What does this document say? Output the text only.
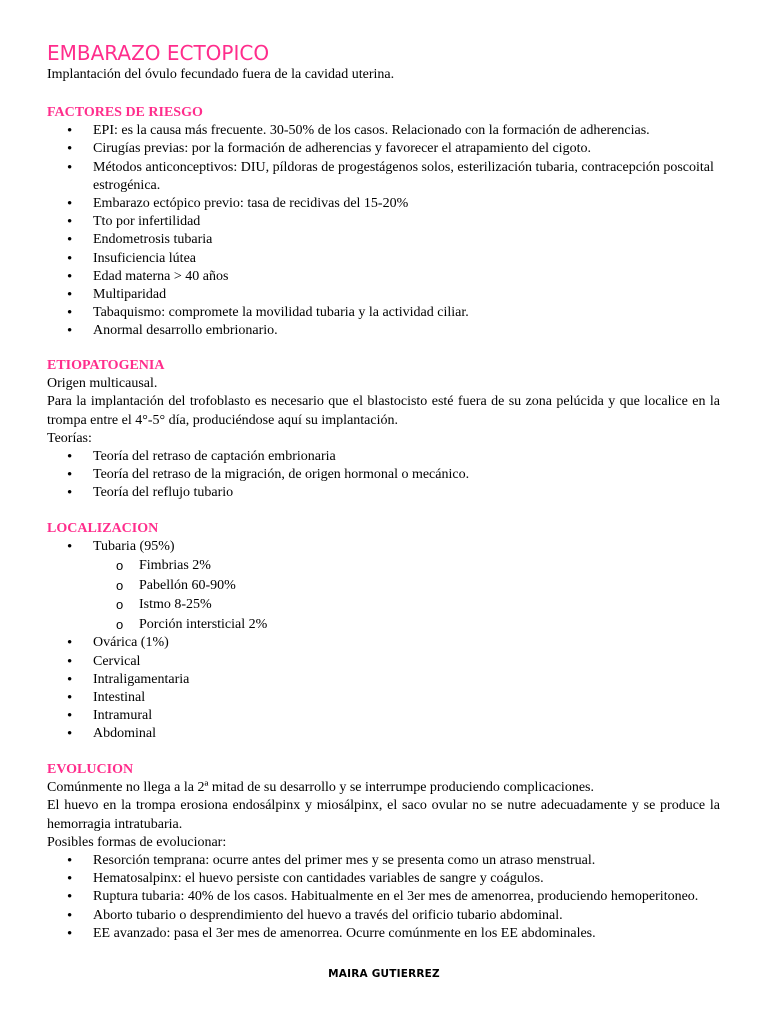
EMBARAZO ECTOPICO

Implantación del óvulo fecundado fuera de la cavidad uterina.

FACTORES DE RIESGO
• EPI: es la causa más frecuente. 30-50% de los casos. Relacionado con la formación de adherencias.
• Cirugías previas: por la formación de adherencias y favorecer el atrapamiento del cigoto.
• Métodos anticonceptivos: DIU, píldoras de progestágenos solos, esterilización tubaria, contracepción poscoital estrogénica.
• Embarazo ectópico previo: tasa de recidivas del 15-20%
• Tto por infertilidad
• Endometrosis tubaria
• Insuficiencia lútea
• Edad materna > 40 años
• Multiparidad
• Tabaquismo: compromete la movilidad tubaria y la actividad ciliar.
• Anormal desarrollo embrionario.
ETIOPATOGENIA

Origen multicausal.

Para la implantación del trofoblasto es necesario que el blastocisto esté fuera de su zona pelúcida y que localice en la trompa entre el 4°-5° día, produciéndose aquí su implantación.

Teorías:

• Teoría del retraso de captación embrionaria
• Teoría del retraso de la migración, de origen hormonal o mecánico.
• Teoría del reflujo tubario
LOCALIZACION
• Tubaria (95%)
o Fimbrias 2%
o Pabellón 60-90%
o Istmo 8-25%
o Porción intersticial 2%
• Ovárica (1%)
• Cervical
• Intraligamentaria
• Intestinal
• Intramural
• Abdominal
EVOLUCION

Comúnmente no llega a la 2ª mitad de su desarrollo y se interrumpe produciendo complicaciones.

El huevo en la trompa erosiona endosálpinx y miosálpinx, el saco ovular no se nutre adecuadamente y se produce la hemorragia intratubaria.

Posibles formas de evolucionar:

• Resorción temprana: ocurre antes del primer mes y se presenta como un atraso menstrual.
• Hematosalpinx: el huevo persiste con cantidades variables de sangre y coágulos.
• Ruptura tubaria: 40% de los casos. Habitualmente en el 3er mes de amenorrea, produciendo hemoperitoneo.
• Aborto tubario o desprendimiento del huevo a través del orificio tubario abdominal.
• EE avanzado: pasa el 3er mes de amenorrea. Ocurre comúnmente en los EE abdominales.
MAIRA GUTIERREZ
